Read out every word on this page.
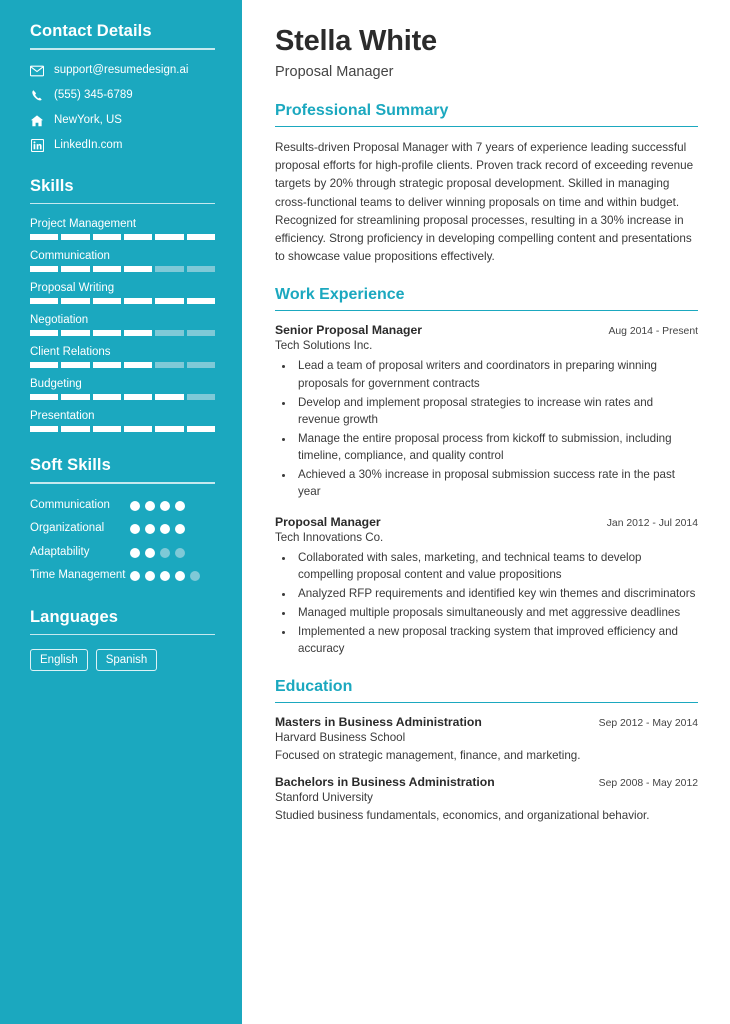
Contact Details
support@resumedesign.ai
(555) 345-6789
NewYork, US
LinkedIn.com
Skills
Project Management
Communication
Proposal Writing
Negotiation
Client Relations
Budgeting
Presentation
Soft Skills
Communication
Organizational
Adaptability
Time Management
Languages
English	Spanish
Stella White
Proposal Manager
Professional Summary

Results-driven Proposal Manager with 7 years of experience leading successful proposal efforts for high-profile clients. Proven track record of exceeding revenue targets by 20% through strategic proposal development. Skilled in managing cross-functional teams to deliver winning proposals on time and within budget. Recognized for streamlining proposal processes, resulting in a 30% increase in efficiency. Strong proficiency in developing compelling content and presentations to showcase value propositions effectively.

Work Experience
Senior Proposal Manager	Aug 2014 - Present
Tech Solutions Inc.
• Lead a team of proposal writers and coordinators in preparing winning proposals for government contracts
• Develop and implement proposal strategies to increase win rates and revenue growth
• Manage the entire proposal process from kickoff to submission, including timeline, compliance, and quality control
• Achieved a 30% increase in proposal submission success rate in the past year
Proposal Manager	Jan 2012 - Jul 2014
Tech Innovations Co.
• Collaborated with sales, marketing, and technical teams to develop compelling proposal content and value propositions
• Analyzed RFP requirements and identified key win themes and discriminators
• Managed multiple proposals simultaneously and met aggressive deadlines
• Implemented a new proposal tracking system that improved efficiency and accuracy
Education
Masters in Business Administration	Sep 2012 - May 2014
Harvard Business School
Focused on strategic management, finance, and marketing.
Bachelors in Business Administration	Sep 2008 - May 2012
Stanford University
Studied business fundamentals, economics, and organizational behavior.
